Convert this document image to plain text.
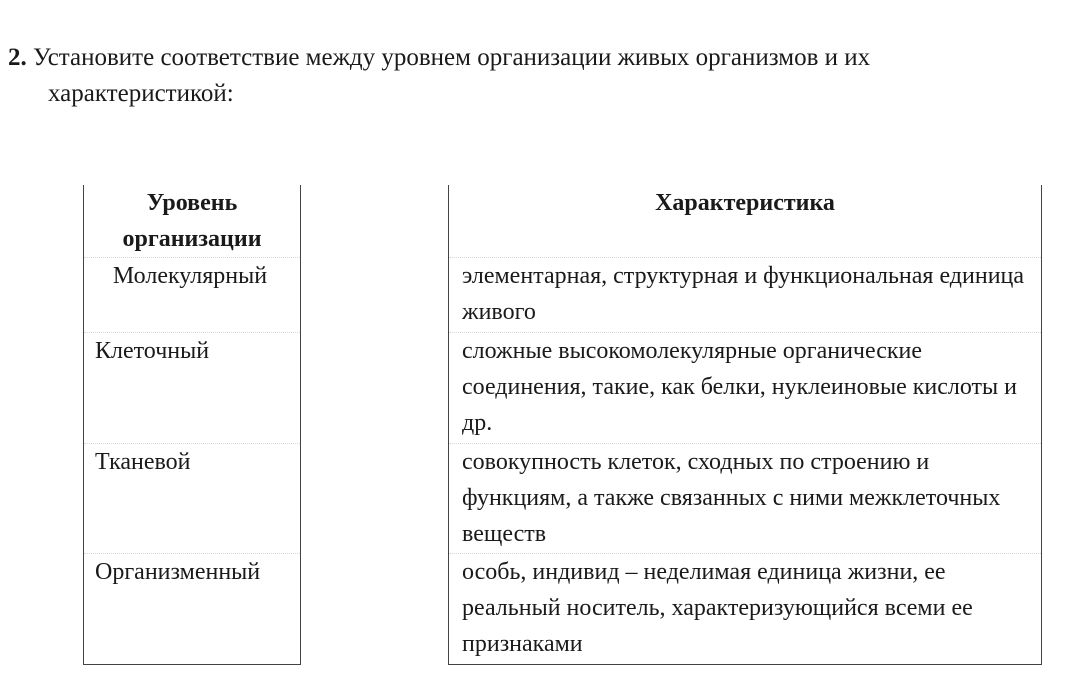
2. Установите соответствие между уровнем организации живых организмов и их
характеристикой:
Уровень организации
Молекулярный
Клеточный
Тканевой
Организменный
Характеристика
элементарная, структурная и функциональная единица живого
сложные высокомолекулярные органические соединения, такие, как белки, нуклеиновые кислоты и др.
совокупность клеток, сходных по строению и функциям, а также связанных с ними межклеточных веществ
особь, индивид – неделимая единица жизни, ее реальный носитель, характеризующийся всеми ее признаками
